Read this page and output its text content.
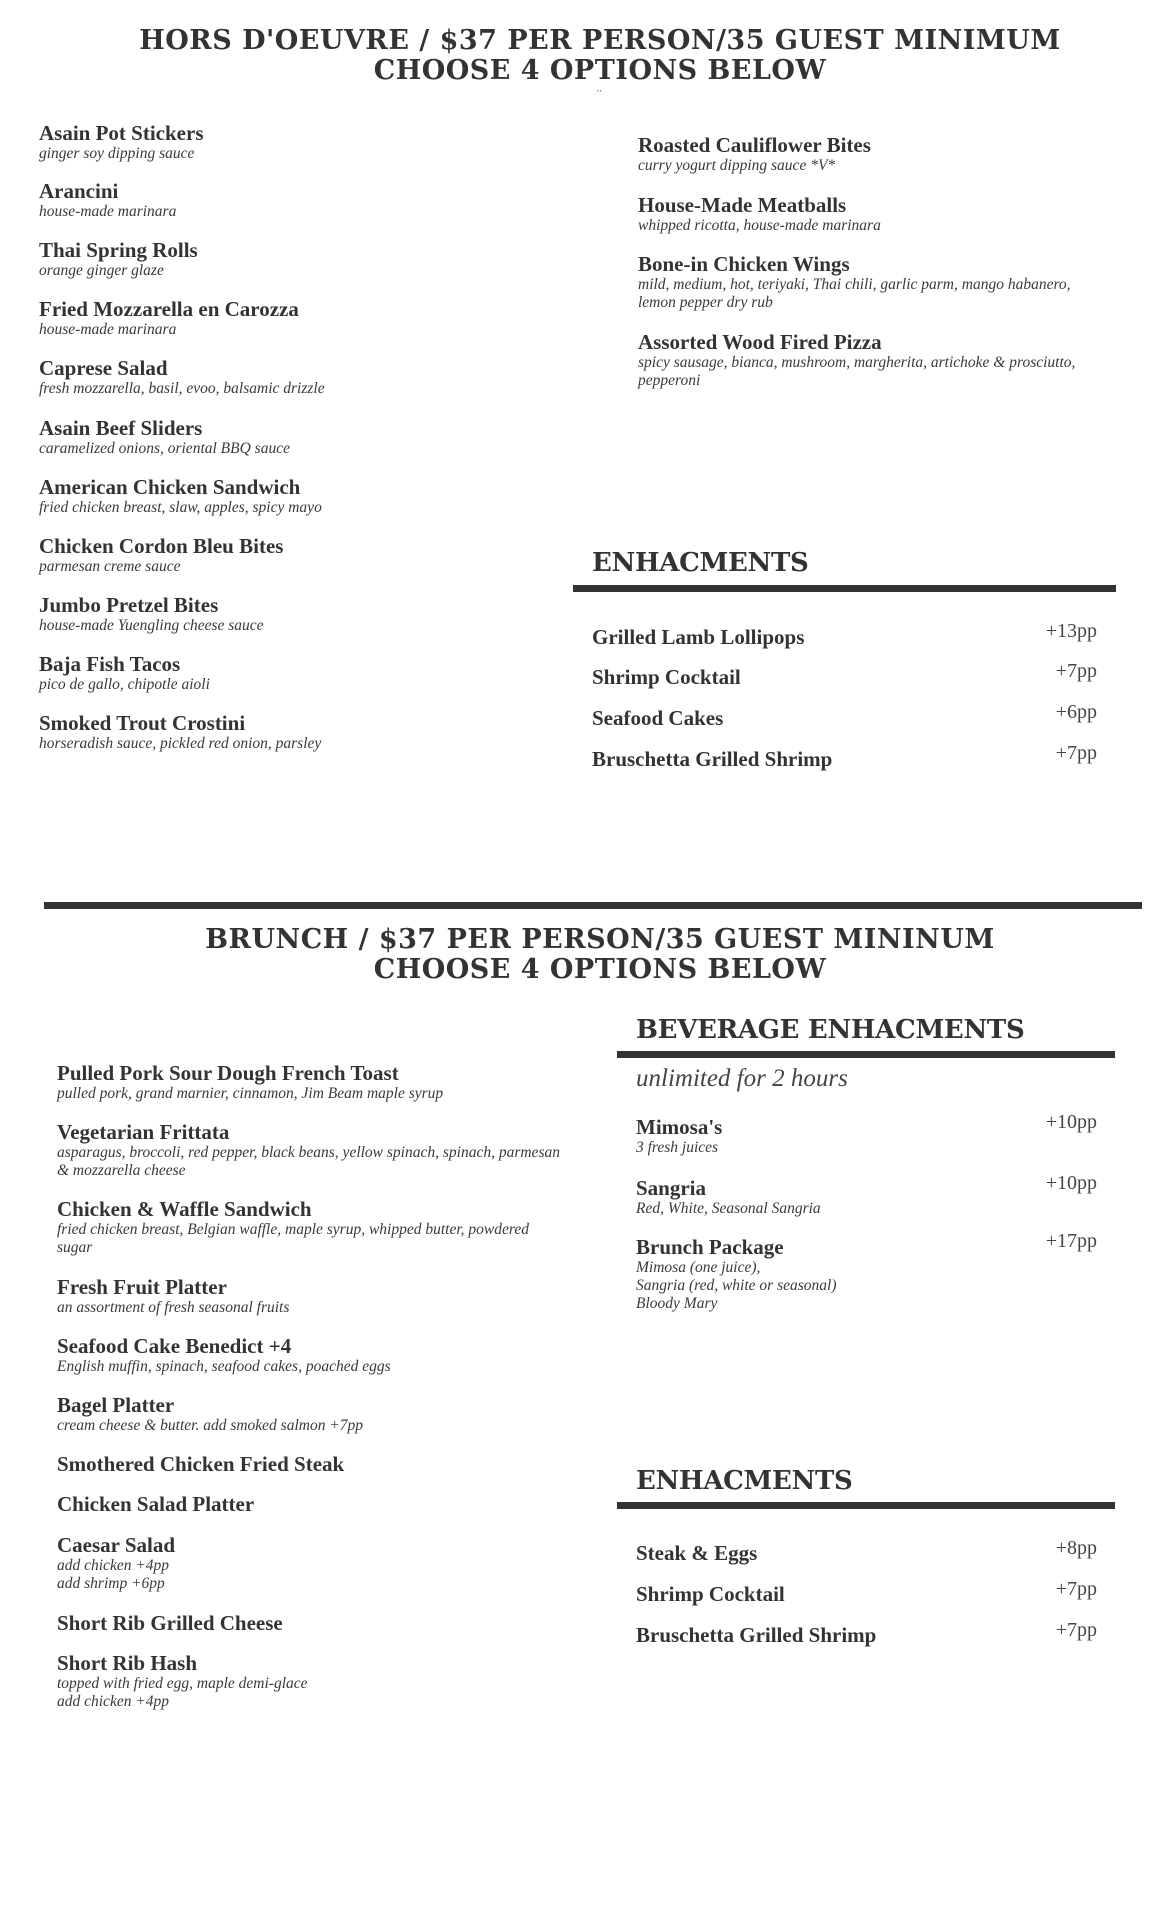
HORS D'OEUVRE / $37 PER PERSON/35 GUEST MINIMUM
CHOOSE 4 OPTIONS BELOW
¨
Asain Pot Stickers
ginger soy dipping sauce
Arancini
house-made marinara
Thai Spring Rolls
orange ginger glaze
Fried Mozzarella en Carozza
house-made marinara
Caprese Salad
fresh mozzarella, basil, evoo, balsamic drizzle
Asain Beef Sliders
caramelized onions, oriental BBQ sauce
American Chicken Sandwich
fried chicken breast, slaw, apples, spicy mayo
Chicken Cordon Bleu Bites
parmesan creme sauce
Jumbo Pretzel Bites
house-made Yuengling cheese sauce
Baja Fish Tacos
pico de gallo, chipotle aioli
Smoked Trout Crostini
horseradish sauce, pickled red onion, parsley
Roasted Cauliflower Bites
curry yogurt dipping sauce *V*
House-Made Meatballs
whipped ricotta, house-made marinara
Bone-in Chicken Wings
mild, medium, hot, teriyaki, Thai chili, garlic parm, mango habanero,
lemon pepper dry rub
Assorted Wood Fired Pizza
spicy sausage, bianca, mushroom, margherita, artichoke & prosciutto,
pepperoni
ENHACMENTS
Grilled Lamb Lollipops	+13pp
Shrimp Cocktail	+7pp
Seafood Cakes	+6pp
Bruschetta Grilled Shrimp	+7pp
BRUNCH / $37 PER PERSON/35 GUEST MININUM
CHOOSE 4 OPTIONS BELOW
Pulled Pork Sour Dough French Toast
pulled pork, grand marnier, cinnamon, Jim Beam maple syrup
Vegetarian Frittata
asparagus, broccoli, red pepper, black beans, yellow spinach, spinach, parmesan
& mozzarella cheese
Chicken & Waffle Sandwich
fried chicken breast, Belgian waffle, maple syrup, whipped butter, powdered
sugar
Fresh Fruit Platter
an assortment of fresh seasonal fruits
Seafood Cake Benedict +4
English muffin, spinach, seafood cakes, poached eggs
Bagel Platter
cream cheese & butter. add smoked salmon +7pp
Smothered Chicken Fried Steak
Chicken Salad Platter
Caesar Salad
add chicken +4pp
add shrimp +6pp
Short Rib Grilled Cheese
Short Rib Hash
topped with fried egg, maple demi-glace
add chicken +4pp
BEVERAGE ENHACMENTS
unlimited for 2 hours
Mimosa's
3 fresh juices
+10pp
Sangria
Red, White, Seasonal Sangria
+10pp
Brunch Package
Mimosa (one juice),
Sangria (red, white or seasonal)
Bloody Mary
+17pp
ENHACMENTS
Steak & Eggs	+8pp
Shrimp Cocktail	+7pp
Bruschetta Grilled Shrimp	+7pp
